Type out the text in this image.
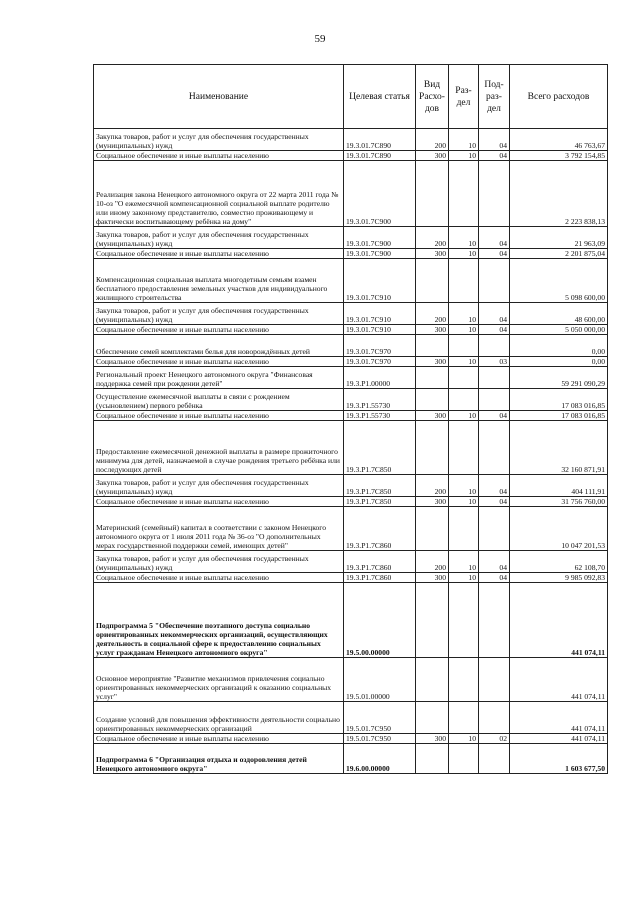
59
Наименование	Целевая статья	Вид Расхо-дов	Раз-дел	Под-раз-дел	Всего расходов
Закупка товаров, работ и услуг для обеспечения государственных (муниципальных) нужд	19.3.01.7С890	200	10	04	46 763,67
Социальное обеспечение и иные выплаты населению	19.3.01.7С890	300	10	04	3 792 154,85
Реализация закона Ненецкого автономного округа от 22 марта 2011 года № 10-оз "О ежемесячной компенсационной социальной выплате родителю или иному законному представителю, совместно проживающему и фактически воспитывающему ребёнка на дому"	19.3.01.7С900				2 223 838,13
Закупка товаров, работ и услуг для обеспечения государственных (муниципальных) нужд	19.3.01.7С900	200	10	04	21 963,09
Социальное обеспечение и иные выплаты населению	19.3.01.7С900	300	10	04	2 201 875,04
Компенсационная социальная выплата многодетным семьям взамен бесплатного предоставления земельных участков для индивидуального жилищного строительства	19.3.01.7С910				5 098 600,00
Закупка товаров, работ и услуг для обеспечения государственных (муниципальных) нужд	19.3.01.7С910	200	10	04	48 600,00
Социальное обеспечение и иные выплаты населению	19.3.01.7С910	300	10	04	5 050 000,00
Обеспечение семей комплектами белья для новорождённых детей	19.3.01.7С970				0,00
Социальное обеспечение и иные выплаты населению	19.3.01.7С970	300	10	03	0,00
Региональный проект Ненецкого автономного округа "Финансовая поддержка семей при рождении детей"	19.3.Р1.00000				59 291 090,29
Осуществление ежемесячной выплаты в связи с рождением (усыновлением) первого ребёнка	19.3.Р1.55730				17 083 016,85
Социальное обеспечение и иные выплаты населению	19.3.Р1.55730	300	10	04	17 083 016,85
Предоставление ежемесячной денежной выплаты в размере прожиточного минимума для детей, назначаемой в случае рождения третьего ребёнка или последующих детей	19.3.Р1.7С850				32 160 871,91
Закупка товаров, работ и услуг для обеспечения государственных (муниципальных) нужд	19.3.Р1.7С850	200	10	04	404 111,91
Социальное обеспечение и иные выплаты населению	19.3.Р1.7С850	300	10	04	31 756 760,00
Материнский (семейный) капитал в соответствии с законом Ненецкого автономного округа от 1 июля 2011 года № 36-оз "О дополнительных мерах государственной поддержки семей, имеющих детей"	19.3.Р1.7С860				10 047 201,53
Закупка товаров, работ и услуг для обеспечения государственных (муниципальных) нужд	19.3.Р1.7С860	200	10	04	62 108,70
Социальное обеспечение и иные выплаты населению	19.3.Р1.7С860	300	10	04	9 985 092,83
Подпрограмма 5 "Обеспечение поэтапного доступа социально ориентированных некоммерческих организаций, осуществляющих деятельность в социальной сфере к предоставлению социальных услуг гражданам Ненецкого автономного округа"	19.5.00.00000				441 074,11
Основное мероприятие "Развитие механизмов привлечения социально ориентированных некоммерческих организаций к оказанию социальных услуг"	19.5.01.00000				441 074,11
Создание условий для повышения эффективности деятельности социально ориентированных некоммерческих организаций	19.5.01.7С950				441 074,11
Социальное обеспечение и иные выплаты населению	19.5.01.7С950	300	10	02	441 074,11
Подпрограмма 6 "Организация отдыха и оздоровления детей Ненецкого автономного округа"	19.6.00.00000				1 603 677,50
